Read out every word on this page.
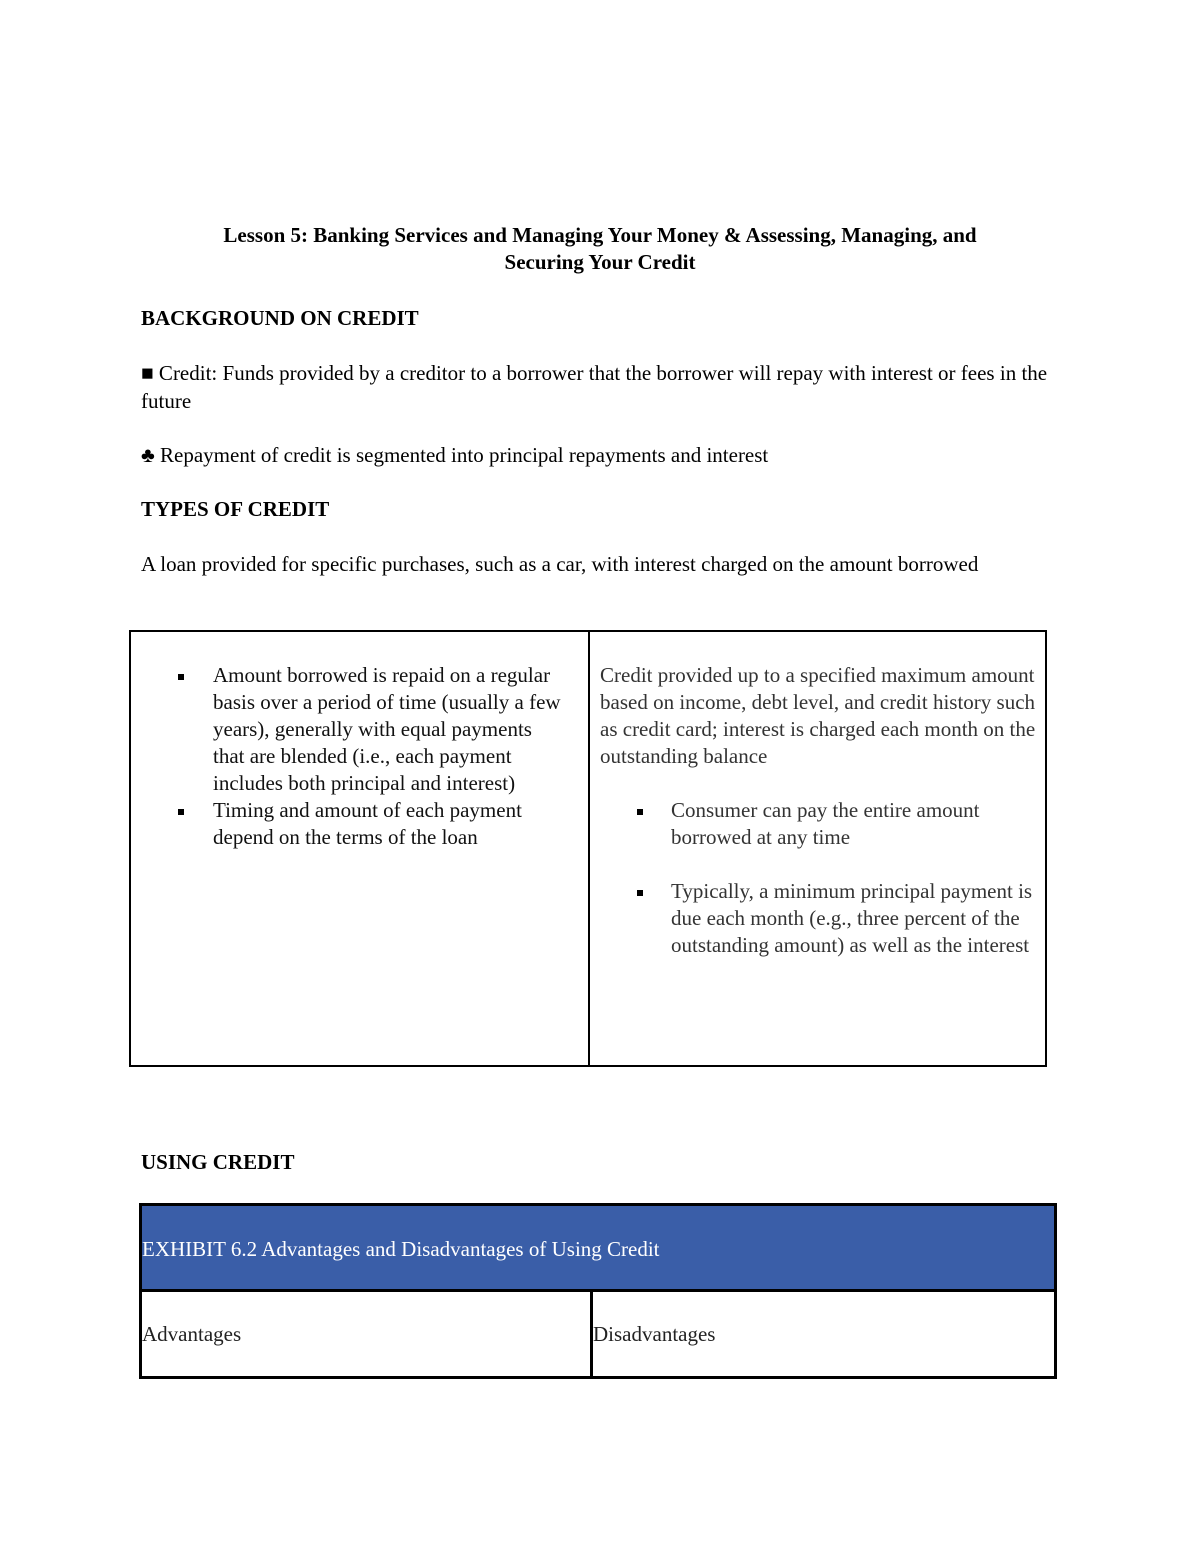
Lesson 5: Banking Services and Managing Your Money & Assessing, Managing, and
Securing Your Credit
BACKGROUND ON CREDIT
■ Credit: Funds provided by a creditor to a borrower that the borrower will repay with interest or fees in the future
♣ Repayment of credit is segmented into principal repayments and interest
TYPES OF CREDIT
A loan provided for specific purchases, such as a car, with interest charged on the amount borrowed
Amount borrowed is repaid on a regular basis over a period of time (usually a few years), generally with equal payments that are blended (i.e., each payment includes both principal and interest)
Timing and amount of each payment depend on the terms of the loan
Credit provided up to a specified maximum amount based on income, debt level, and credit history such as credit card; interest is charged each month on the outstanding balance
Consumer can pay the entire amount borrowed at any time
Typically, a minimum principal payment is due each month (e.g., three percent of the outstanding amount) as well as the interest
USING CREDIT
EXHIBIT 6.2 Advantages and Disadvantages of Using Credit
Advantages	Disadvantages
